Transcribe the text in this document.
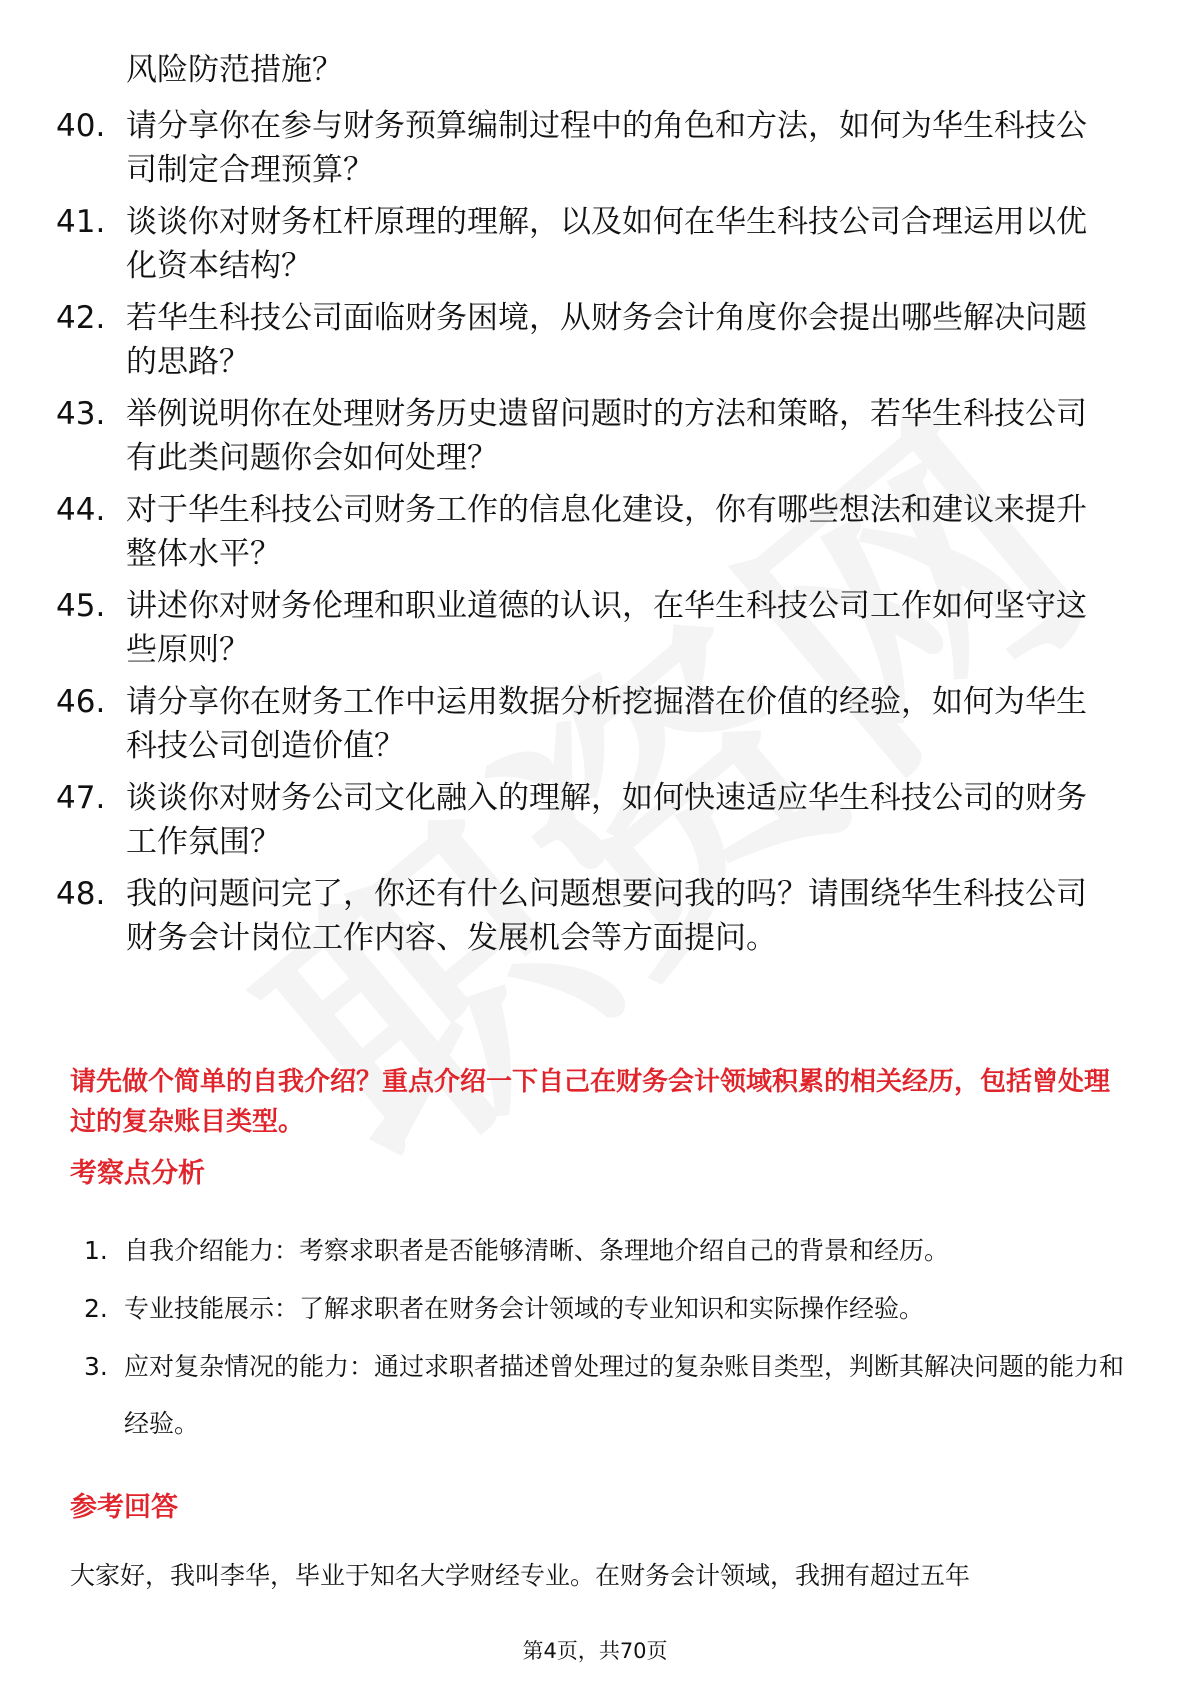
风险防范措施？
40. 请分享你在参与财务预算编制过程中的角色和方法，如何为华生科技公司制定合理预算？
41. 谈谈你对财务杠杆原理的理解，以及如何在华生科技公司合理运用以优化资本结构？
42. 若华生科技公司面临财务困境，从财务会计角度你会提出哪些解决问题的思路？
43. 举例说明你在处理财务历史遗留问题时的方法和策略，若华生科技公司有此类问题你会如何处理？
44. 对于华生科技公司财务工作的信息化建设，你有哪些想法和建议来提升整体水平？
45. 讲述你对财务伦理和职业道德的认识，在华生科技公司工作如何坚守这些原则？
46. 请分享你在财务工作中运用数据分析挖掘潜在价值的经验，如何为华生科技公司创造价值？
47. 谈谈你对财务公司文化融入的理解，如何快速适应华生科技公司的财务工作氛围？
48. 我的问题问完了，你还有什么问题想要问我的吗？请围绕华生科技公司财务会计岗位工作内容、发展机会等方面提问。
请先做个简单的自我介绍？重点介绍一下自己在财务会计领域积累的相关经历，包括曾处理过的复杂账目类型。
考察点分析
1. 自我介绍能力：考察求职者是否能够清晰、条理地介绍自己的背景和经历。
2. 专业技能展示：了解求职者在财务会计领域的专业知识和实际操作经验。
3. 应对复杂情况的能力：通过求职者描述曾处理过的复杂账目类型，判断其解决问题的能力和经验。
参考回答
大家好，我叫李华，毕业于知名大学财经专业。在财务会计领域，我拥有超过五年
第4页，共70页
